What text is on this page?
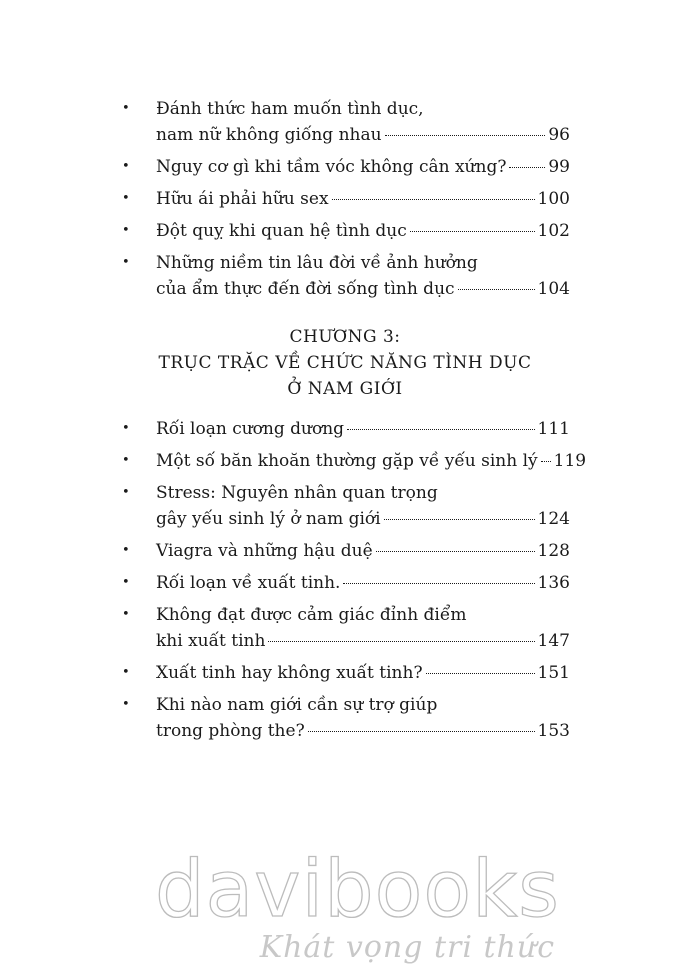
• Đánh thức ham muốn tình dục,
nam nữ không giống nhau	96
• Nguy cơ gì khi tầm vóc không cân xứng? 99
• Hữu ái phải hữu sex	100
• Đột quỵ khi quan hệ tình dục	102
• Những niềm tin lâu đời về ảnh hưởng
của ẩm thực đến đời sống tình dục	104
CHƯƠNG 3:
TRỤC TRẶC VỀ CHỨC NĂNG TÌNH DỤC
Ở NAM GIỚI
• Rối loạn cương dương	111
• Một số băn khoăn thường gặp về yếu sinh lý 119
• Stress: Nguyên nhân quan trọng
gây yếu sinh lý ở nam giới	124
• Viagra và những hậu duệ	128
• Rối loạn về xuất tinh.	136
• Không đạt được cảm giác đỉnh điểm
khi xuất tinh	147
• Xuất tinh hay không xuất tinh?	151
• Khi nào nam giới cần sự trợ giúp
trong phòng the?	153
davibooks
Khát vọng tri thức
